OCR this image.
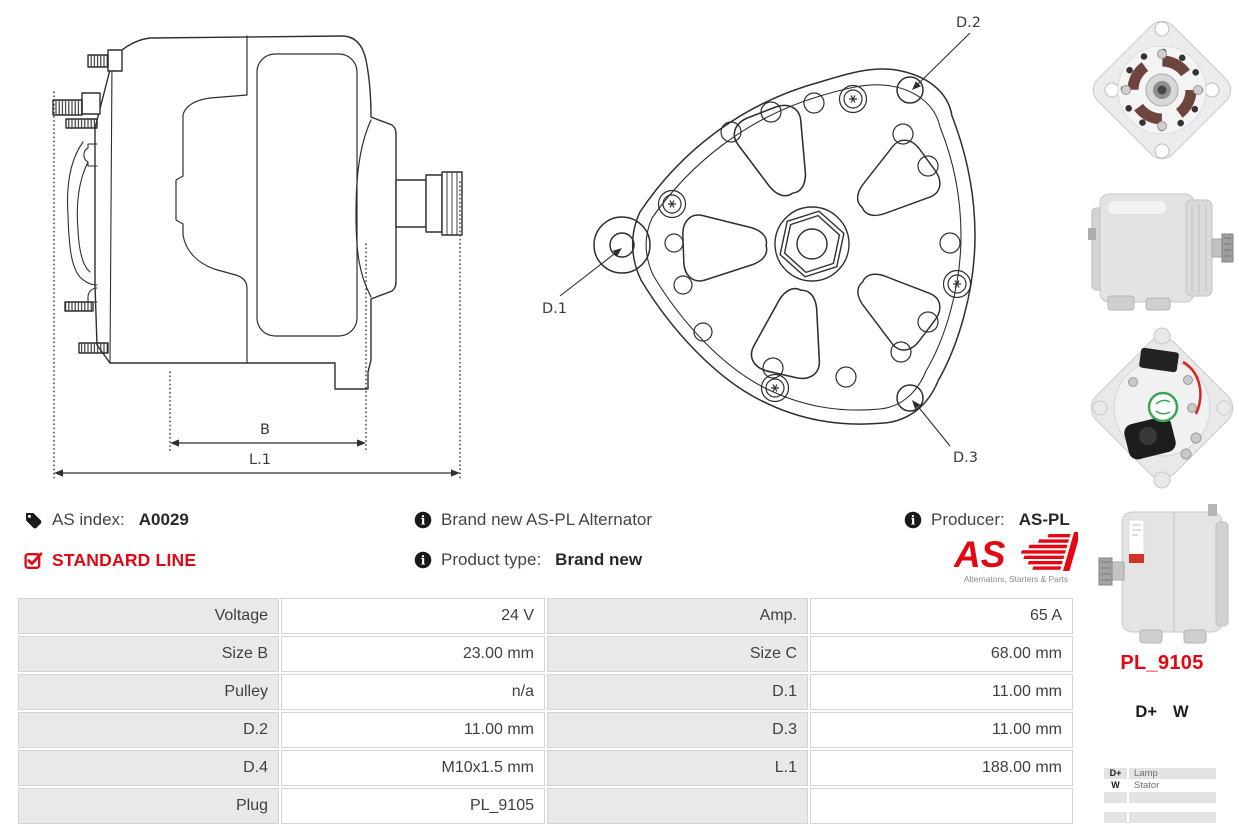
B
L.1
D.2
D.1
D.3
AS index: A0029
STANDARD LINE
i Brand new AS-PL Alternator
i Product type: Brand new
i Producer: AS-PL
AS
Alternators, Starters & Parts
Voltage	24 V	Amp.	65 A
Size B	23.00 mm	Size C	68.00 mm
Pulley	n/a	D.1	11.00 mm
D.2	11.00 mm	D.3	11.00 mm
D.4	M10x1.5 mm	L.1	188.00 mm
Plug	PL_9105
PL_9105
D+ W
D+	Lamp
W	Stator
